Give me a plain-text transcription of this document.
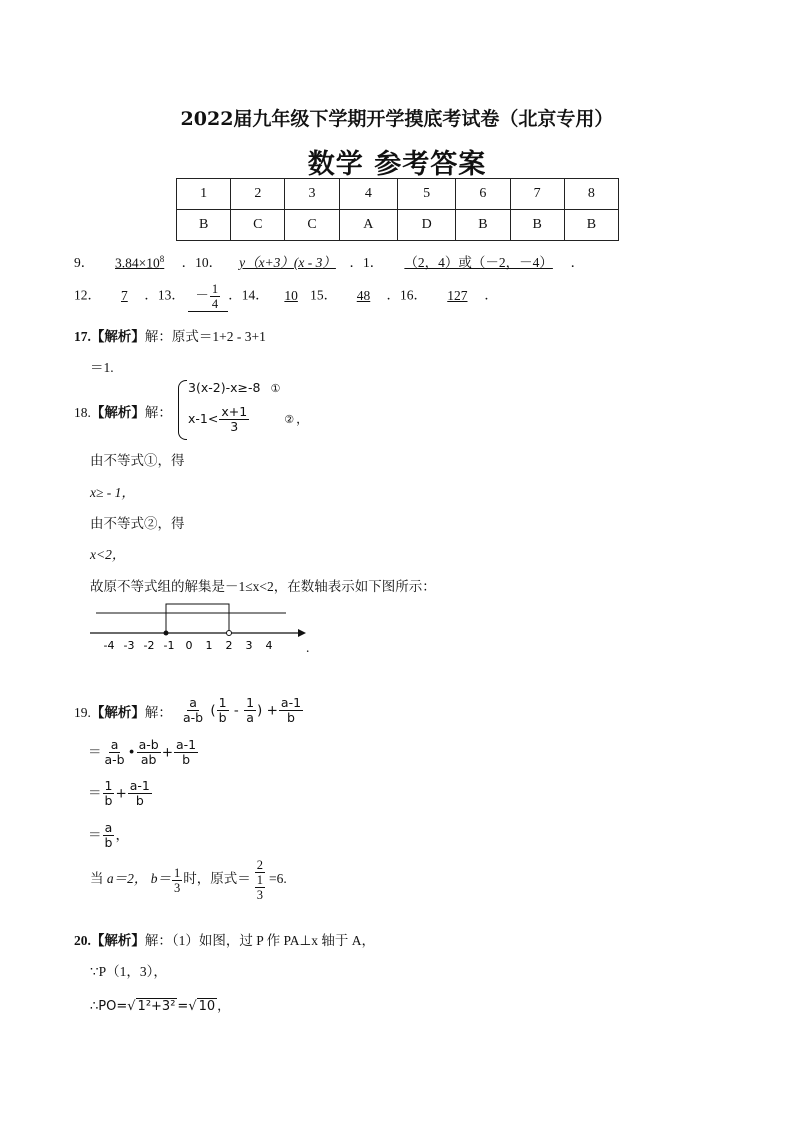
2022届九年级下学期开学摸底考试卷（北京专用）
数学 参考答案
1	2	3	4	5	6	7	8
B	C	C	A	D	B	B	B
9． $3.84\times 10^8$ ．10． y（x+3）(x - 3） ．1． （2，4）或（－2，－4） ．
12． 7 ．13． － $\frac{1}{4}$ ．14． 10 15． 48 ．16． 127 ．
17.【解析】解：原式＝1+2 - 3+1
＝1.
18.【解析】解：
3(x-2)-x≥-8 ①
$x-1< \frac{x+1}{3}$	② ，
由不等式①，得
x≥ - 1，
由不等式②，得
x<2，
故原不等式组的解集是－1≤x<2，在数轴表示如下图所示：
-4 -3 -2 -1 0 1 2 3 4 .
19.【解析】解： $\frac{a}{a-b}$ ( $\frac{1}{b} - \frac{1}{a}$ ) + $\frac{a-1}{b}$
＝ $\frac{a}{a-b}$ • $\frac{a-b}{ab} + \frac{a-1}{b}$
＝ $\frac{1}{b} + \frac{a-1}{b}$
＝ $\frac{a}{b}$ ，
当 a＝2， $b= \frac{1}{3}$ 时，原式＝ $\frac{2}{\frac{1}{3}} =6$.
20.【解析】解：（1）如图，过 P 作 PA⊥x 轴于 A，
∵P（1，3），
∴PO=√ 1²+3² =√ 10 ，
